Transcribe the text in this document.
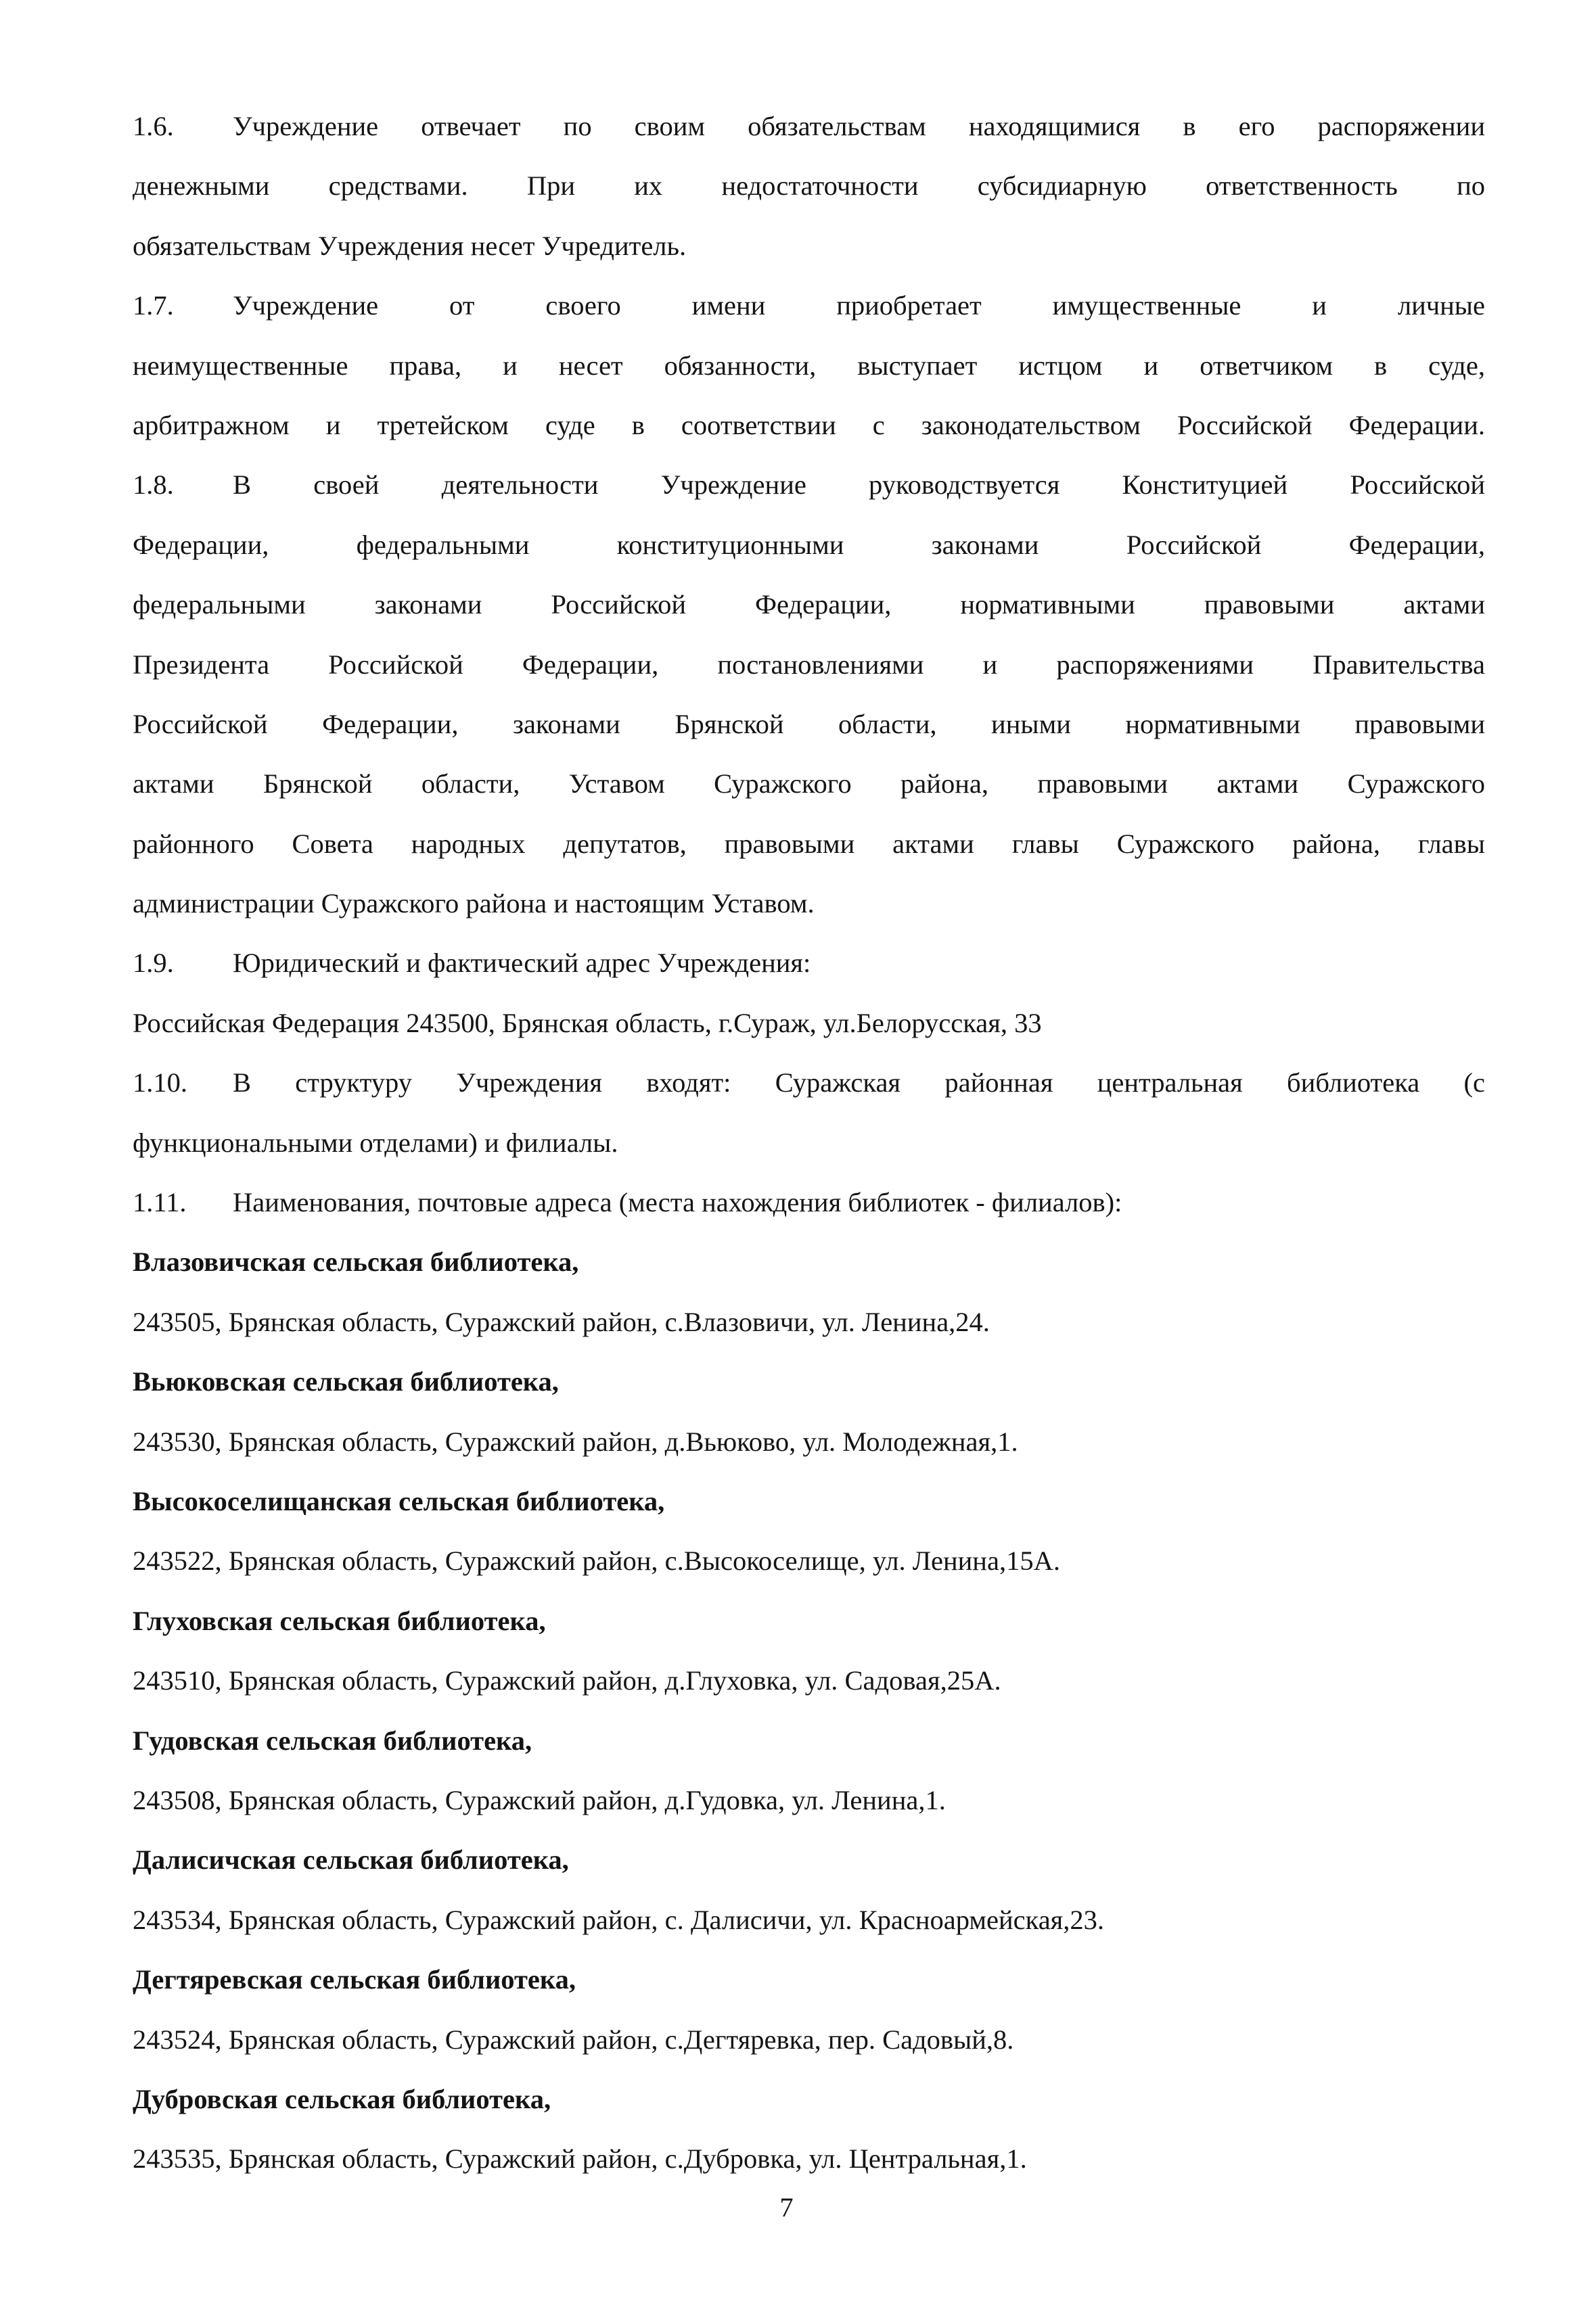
1.6. Учреждение отвечает по своим обязательствам находящимися в его распоряжении
денежными средствами. При их недостаточности субсидиарную ответственность по
обязательствам Учреждения несет Учредитель.
1.7. Учреждение от своего имени приобретает имущественные и личные
неимущественные права, и несет обязанности, выступает истцом и ответчиком в суде,
арбитражном и третейском суде в соответствии с законодательством Российской Федерации.
1.8. В своей деятельности Учреждение руководствуется Конституцией Российской
Федерации, федеральными конституционными законами Российской Федерации,
федеральными законами Российской Федерации, нормативными правовыми актами
Президента Российской Федерации, постановлениями и распоряжениями Правительства
Российской Федерации, законами Брянской области, иными нормативными правовыми
актами Брянской области, Уставом Суражского района, правовыми актами Суражского
районного Совета народных депутатов, правовыми актами главы Суражского района, главы
администрации Суражского района и настоящим Уставом.
1.9. Юридический и фактический адрес Учреждения:
Российская Федерация 243500, Брянская область, г.Сураж, ул.Белорусская, 33
1.10. В структуру Учреждения входят: Суражская районная центральная библиотека (с
функциональными отделами) и филиалы.
1.11. Наименования, почтовые адреса (места нахождения библиотек - филиалов):
Влазовичская сельская библиотека,
243505, Брянская область, Суражский район, с.Влазовичи, ул. Ленина,24.
Вьюковская сельская библиотека,
243530, Брянская область, Суражский район, д.Вьюково, ул. Молодежная,1.
Высокоселищанская сельская библиотека,
243522, Брянская область, Суражский район, с.Высокоселище, ул. Ленина,15А.
Глуховская сельская библиотека,
243510, Брянская область, Суражский район, д.Глуховка, ул. Садовая,25А.
Гудовская сельская библиотека,
243508, Брянская область, Суражский район, д.Гудовка, ул. Ленина,1.
Далисичская сельская библиотека,
243534, Брянская область, Суражский район, с. Далисичи, ул. Красноармейская,23.
Дегтяревская сельская библиотека,
243524, Брянская область, Суражский район, с.Дегтяревка, пер. Садовый,8.
Дубровская сельская библиотека,
243535, Брянская область, Суражский район, с.Дубровка, ул. Центральная,1.
7
